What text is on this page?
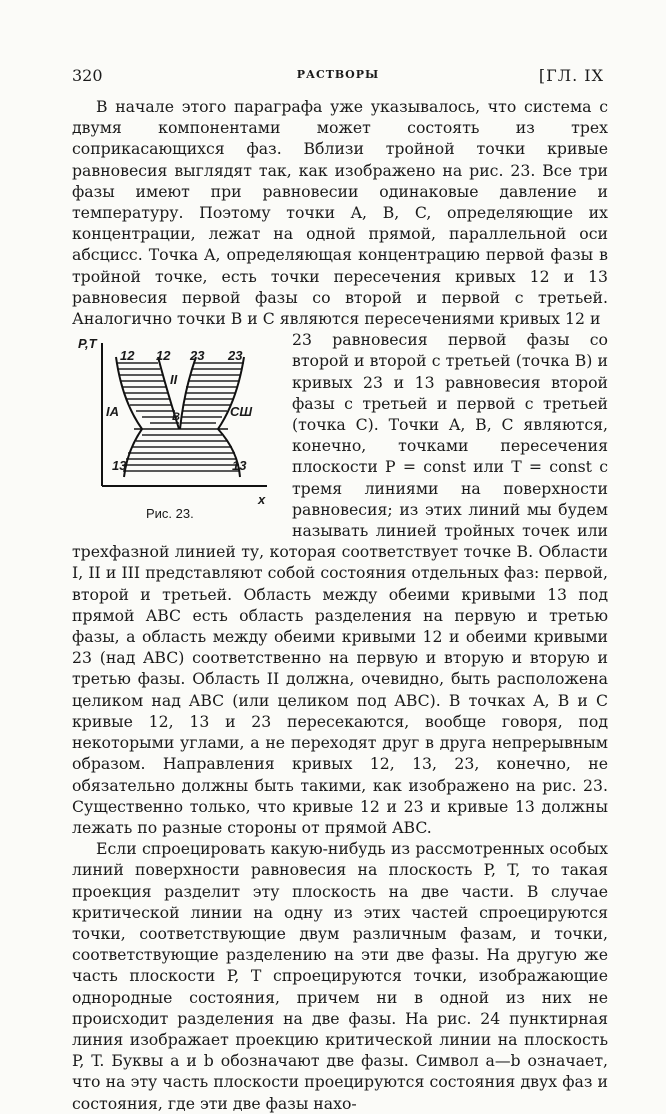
320	РАСТВОРЫ	[ГЛ. IX

В начале этого параграфа уже указывалось, что система с двумя компонентами может состоять из трех соприкасающихся фаз. Вблизи тройной точки кривые равновесия выглядят так, как изображено на рис. 23. Все три фазы имеют при равновесии одинаковые давление и температуру. Поэтому точки A, B, C, определяющие их концентрации, лежат на одной прямой, параллельной оси абсцисс. Точка A, определяющая концентрацию первой фазы в тройной точке, есть точки пересечения кривых 12 и 13 равновесия первой фазы со второй и первой с третьей. Аналогично точки B и C являются пересечениями кривых 12 и

P,T
12 12 23 23
II
IA	B	CШ
13	13
x
Рис. 23.

23 равновесия первой фазы со второй и второй с третьей (точка B) и кривых 23 и 13 равновесия второй фазы с третьей и первой с третьей (точка C). Точки A, B, C являются, конечно, точками пересечения плоскости P = const или T = const с тремя линиями на поверхности равновесия; из этих линий мы будем называть линией тройных точек или трехфазной линией ту, которая соответствует точке B. Области I, II и III представляют собой состояния отдельных фаз: первой, второй и третьей. Область между обеими кривыми 13 под прямой ABC есть область разделения на первую и третью фазы, а область между обеими кривыми 12 и обеими кривыми 23 (над ABC) соответственно на первую и вторую и вторую и третью фазы. Область II должна, очевидно, быть расположена целиком над ABC (или целиком под ABC). В точках A, B и C кривые 12, 13 и 23 пересекаются, вообще говоря, под некоторыми углами, а не переходят друг в друга непрерывным образом. Направления кривых 12, 13, 23, конечно, не обязательно должны быть такими, как изображено на рис. 23. Существенно только, что кривые 12 и 23 и кривые 13 должны лежать по разные стороны от прямой ABC.

Если спроецировать какую-нибудь из рассмотренных особых линий поверхности равновесия на плоскость P, T, то такая проекция разделит эту плоскость на две части. В случае критической линии на одну из этих частей спроецируются точки, соответствующие двум различным фазам, и точки, соответствующие разделению на эти две фазы. На другую же часть плоскости P, T спроецируются точки, изображающие однородные состояния, причем ни в одной из них не происходит разделения на две фазы. На рис. 24 пунктирная линия изображает проекцию критической линии на плоскость P, T. Буквы a и b обозначают две фазы. Символ a—b означает, что на эту часть плоскости проецируются состояния двух фаз и состояния, где эти две фазы нахо-
